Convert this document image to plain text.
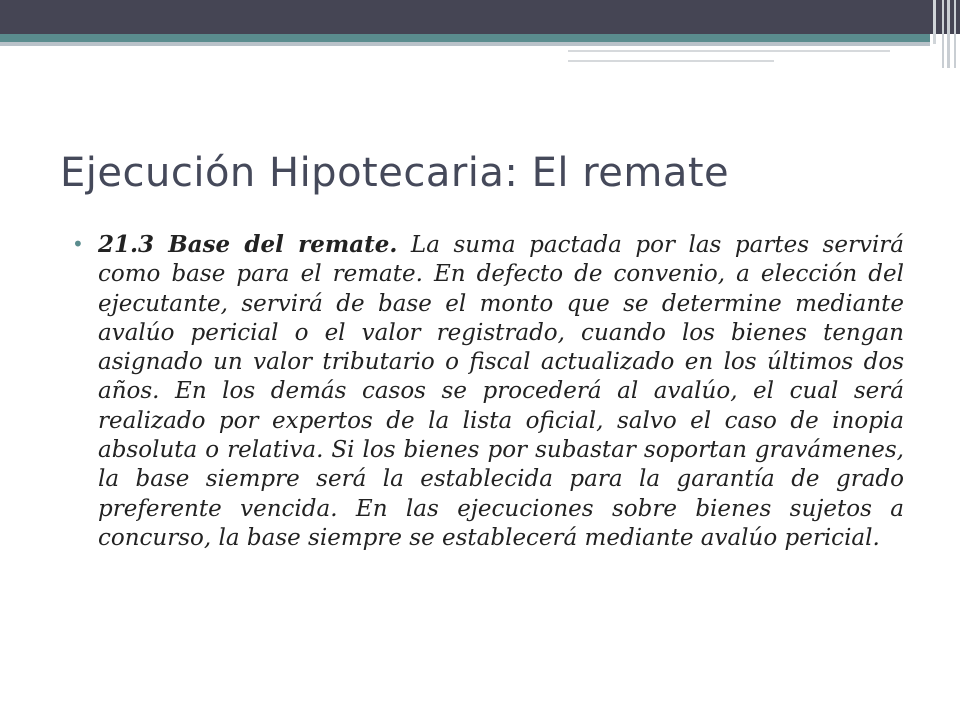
Ejecución Hipotecaria: El remate
• 21.3 Base del remate. La suma pactada por las partes servirá como base para el remate. En defecto de convenio, a elección del ejecutante, servirá de base el monto que se determine mediante avalúo pericial o el valor registrado, cuando los bienes tengan asignado un valor tributario o fiscal actualizado en los últimos dos años. En los demás casos se procederá al avalúo, el cual será realizado por expertos de la lista oficial, salvo el caso de inopia absoluta o relativa. Si los bienes por subastar soportan gravámenes, la base siempre será la establecida para la garantía de grado preferente vencida. En las ejecuciones sobre bienes sujetos a concurso, la base siempre se establecerá mediante avalúo pericial.
